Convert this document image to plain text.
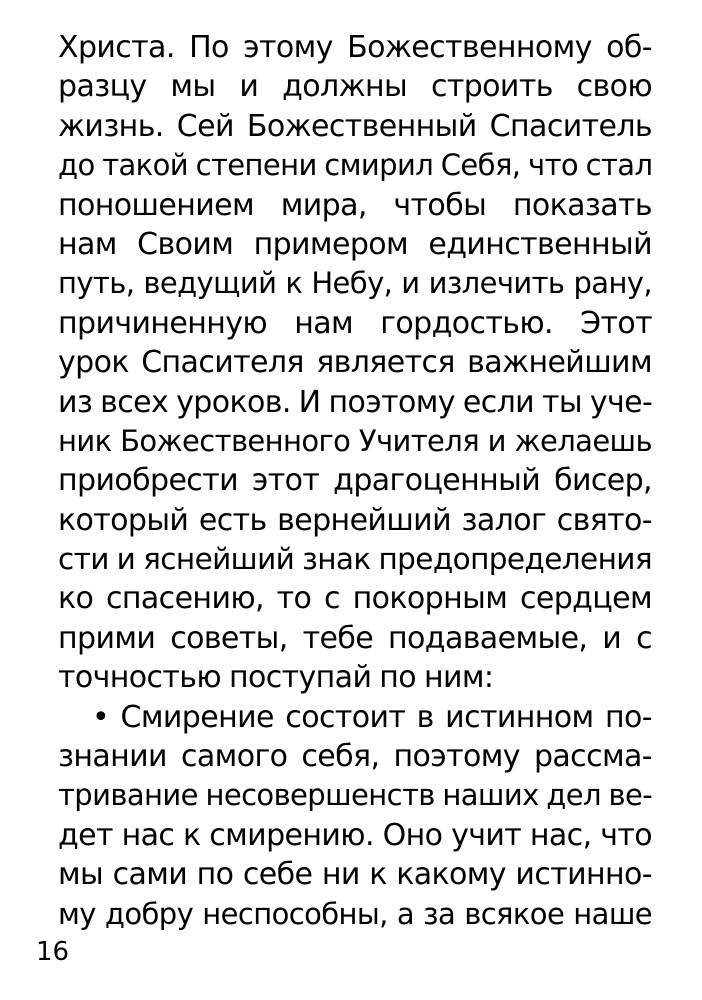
Христа. По этому Божественному об-
разцу мы и должны строить свою
жизнь. Сей Божественный Спаситель
до такой степени смирил Себя, что стал
поношением мира, чтобы показать
нам Своим примером единственный
путь, ведущий к Небу, и излечить рану,
причиненную нам гордостью. Этот
урок Спасителя является важнейшим
из всех уроков. И поэтому если ты уче-
ник Божественного Учителя и желаешь
приобрести этот драгоценный бисер,
который есть вернейший залог свято-
сти и яснейший знак предопределения
ко спасению, то с покорным сердцем
прими советы, тебе подаваемые, и с
точностью поступай по ним:
• Смирение состоит в истинном по-
знании самого себя, поэтому рассма-
тривание несовершенств наших дел ве-
дет нас к смирению. Оно учит нас, что
мы сами по себе ни к какому истинно-
му добру неспособны, а за всякое наше
16
